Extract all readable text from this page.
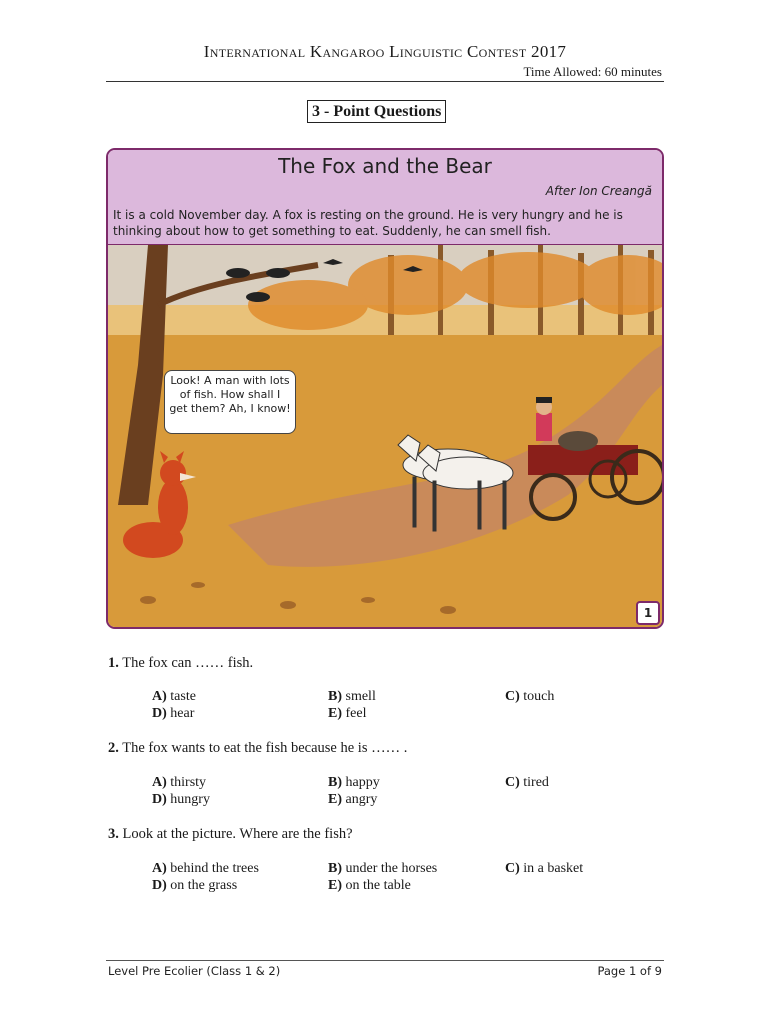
International Kangaroo Linguistic Contest 2017
Time Allowed: 60 minutes
3 - Point Questions
The Fox and the Bear
After Ion Creangă
It is a cold November day. A fox is resting on the ground. He is very hungry and he is thinking about how to get something to eat. Suddenly, he can smell fish.
Look! A man with lots of fish. How shall I get them? Ah, I know!
1
1. The fox can …… fish.
A) taste	B) smell	C) touch
D) hear	E) feel
2. The fox wants to eat the fish because he is …… .
A) thirsty	B) happy	C) tired
D) hungry	E) angry
3. Look at the picture. Where are the fish?
A) behind the trees	B) under the horses	C) in a basket
D) on the grass	E) on the table
Level Pre Ecolier (Class 1 & 2)	Page 1 of 9
